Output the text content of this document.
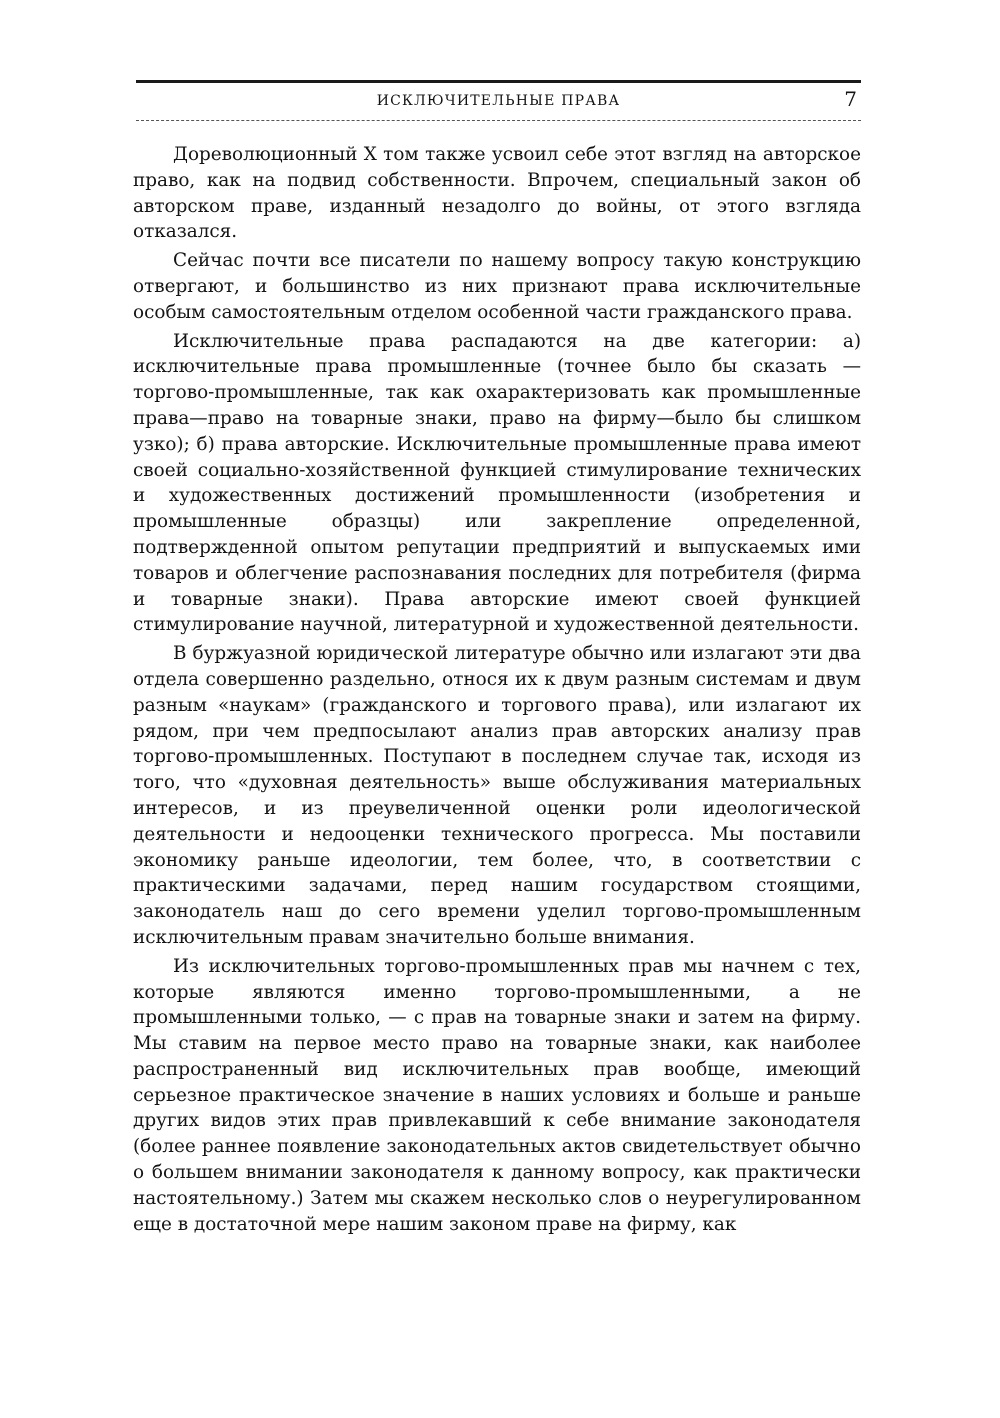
ИСКЛЮЧИТЕЛЬНЫЕ ПРАВА	7

Дореволюционный X том также усвоил себе этот взгляд на авторское право, как на подвид собственности. Впрочем, специальный закон об авторском праве, изданный незадолго до войны, от этого взгляда отказался.

Сейчас почти все писатели по нашему вопросу такую конструкцию отвергают, и большинство из них признают права исключительные особым самостоятельным отделом особенной части гражданского права.

Исключительные права распадаются на две категории: а) исключительные права промышленные (точнее было бы сказать — торгово-промышленные, так как охарактеризовать как промышленные права—право на товарные знаки, право на фирму—было бы слишком узко); б) права авторские. Исключительные промышленные права имеют своей социально-хозяйственной функцией стимулирование технических и художественных достижений промышленности (изобретения и промышленные образцы) или закрепление определенной, подтвержденной опытом репутации предприятий и выпускаемых ими товаров и облегчение распознавания последних для потребителя (фирма и товарные знаки). Права авторские имеют своей функцией стимулирование научной, литературной и художественной деятельности.

В буржуазной юридической литературе обычно или излагают эти два отдела совершенно раздельно, относя их к двум разным системам и двум разным «наукам» (гражданского и торгового права), или излагают их рядом, при чем предпосылают анализ прав авторских анализу прав торгово-промышленных. Поступают в последнем случае так, исходя из того, что «духовная деятельность» выше обслуживания материальных интересов, и из преувеличенной оценки роли идеологической деятельности и недооценки технического прогресса. Мы поставили экономику раньше идеологии, тем более, что, в соответствии с практическими задачами, перед нашим государством стоящими, законодатель наш до сего времени уделил торгово-промышленным исключительным правам значительно больше внимания.

Из исключительных торгово-промышленных прав мы начнем с тех, которые являются именно торгово-промышленными, а не промышленными только, — с прав на товарные знаки и затем на фирму. Мы ставим на первое место право на товарные знаки, как наиболее распространенный вид исключительных прав вообще, имеющий серьезное практическое значение в наших условиях и больше и раньше других видов этих прав привлекавший к себе внимание законодателя (более раннее появление законодательных актов свидетельствует обычно о большем внимании законодателя к данному вопросу, как практически настоятельному.) Затем мы скажем несколько слов о неурегулированном еще в достаточной мере нашим законом праве на фирму, как
